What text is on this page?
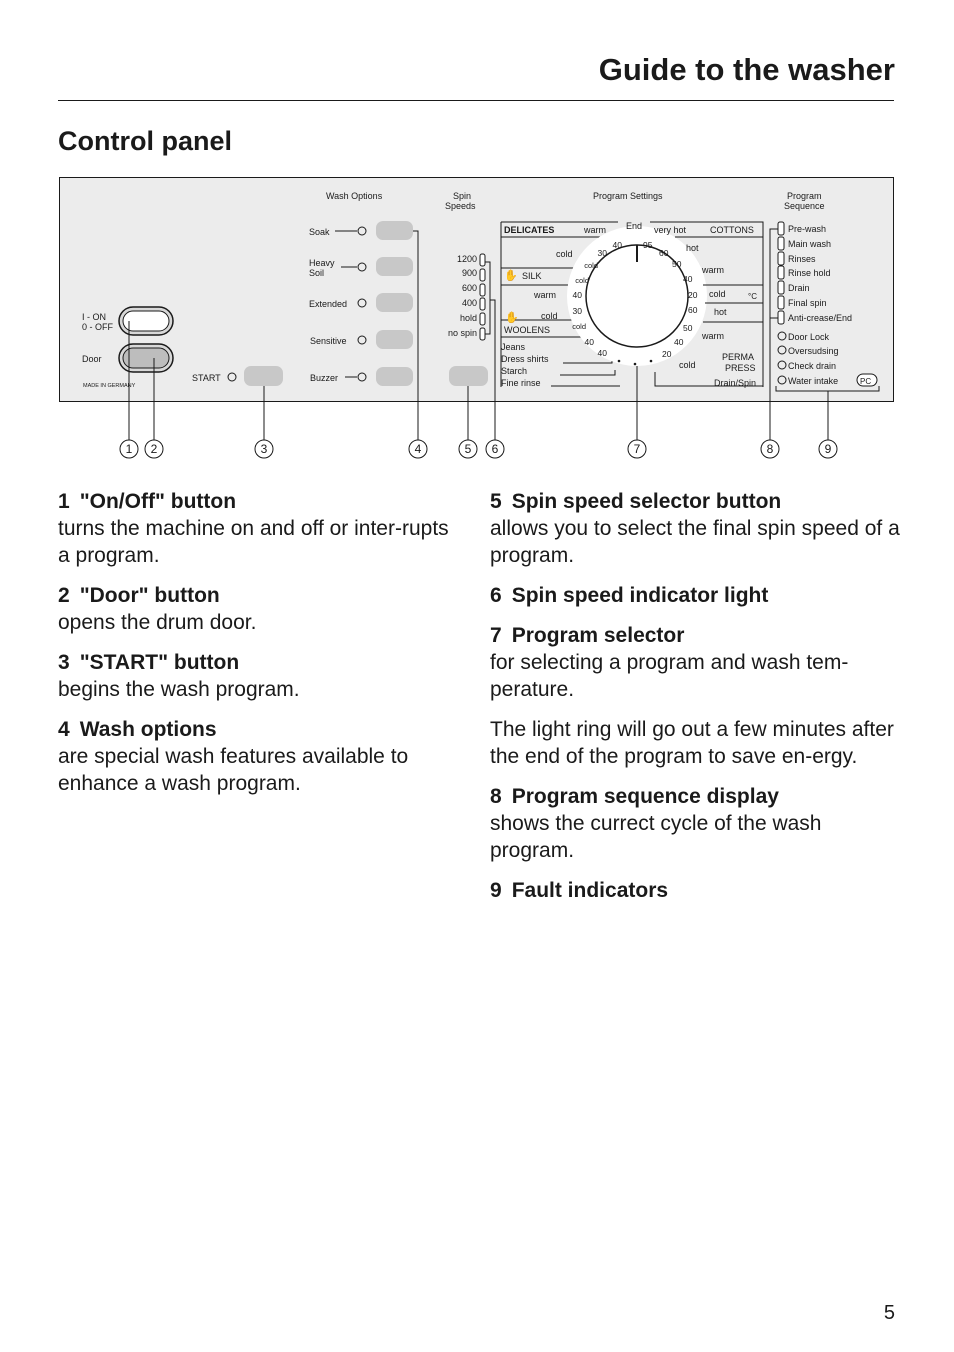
Guide to the washer
Control panel
I - ON
0 - OFF
Door
MADE IN GERMANY
START
Wash Options
Soak
Heavy
Soil
Extended
Sensitive
Buzzer
Spin
Speeds
1200
900
600
400
hold
no spin
Program Settings
DELICATES	warm
cold
✋ SILK
warm
✋ cold
WOOLENS
Jeans
Dress shirts
Starch
Fine rinse
40
30
cold
cold
40
30
cold
40
40
95
60
50
40
20
60
50
40
20
End very hot	COTTONS
hot
warm
cold	°C
hot
warm
cold
PERMA
PRESS
Drain/Spin
Program
Sequence
Pre-wash
Main wash
Rinses
Rinse hold
Drain
Final spin
Anti-crease/End
Door Lock
Oversudsing
Check drain
Water intake	PC
1 2	3	4	5 6	7	8	9
1 "On/Off" button
turns the machine on and off or inter-rupts a program.
2 "Door" button
opens the drum door.
3 "START" button
begins the wash program.
4 Wash options
are special wash features available to enhance a wash program.
5 Spin speed selector button
allows you to select the final spin speed of a program.
6 Spin speed indicator light
7 Program selector
for selecting a program and wash tem-perature.

The light ring will go out a few minutes after the end of the program to save en-ergy.

8 Program sequence display
shows the currect cycle of the wash program.
9 Fault indicators
5
